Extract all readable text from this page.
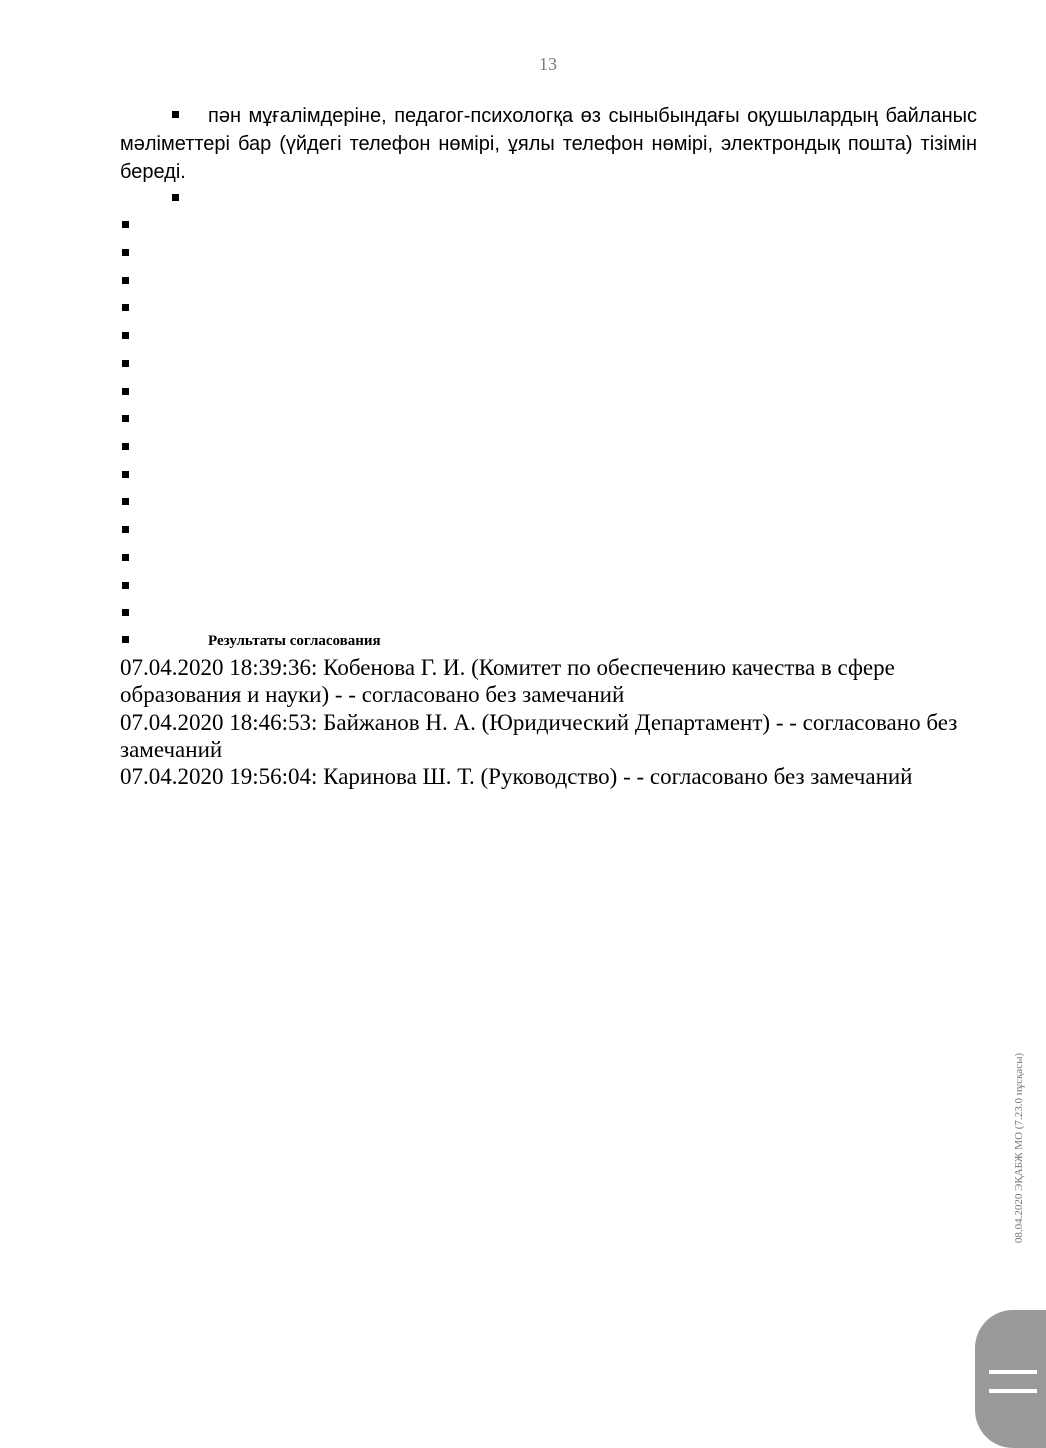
13
пән мұғалімдеріне, педагог-психологқа өз сыныбындағы оқушылардың байланыс мәліметтері бар (үйдегі телефон нөмірі, ұялы телефон нөмірі, электрондық пошта) тізімін береді.
Результаты согласования
07.04.2020 18:39:36: Кобенова Г. И. (Комитет по обеспечению качества в сфере образования и науки) - - согласовано без замечаний
07.04.2020 18:46:53: Байжанов Н. А. (Юридический Департамент) - - согласовано без замечаний
07.04.2020 19:56:04: Каринова Ш. Т. (Руководство) - - согласовано без замечаний
08.04.2020 ЭҚАБЖ МО (7.23.0 нұсқасы)
